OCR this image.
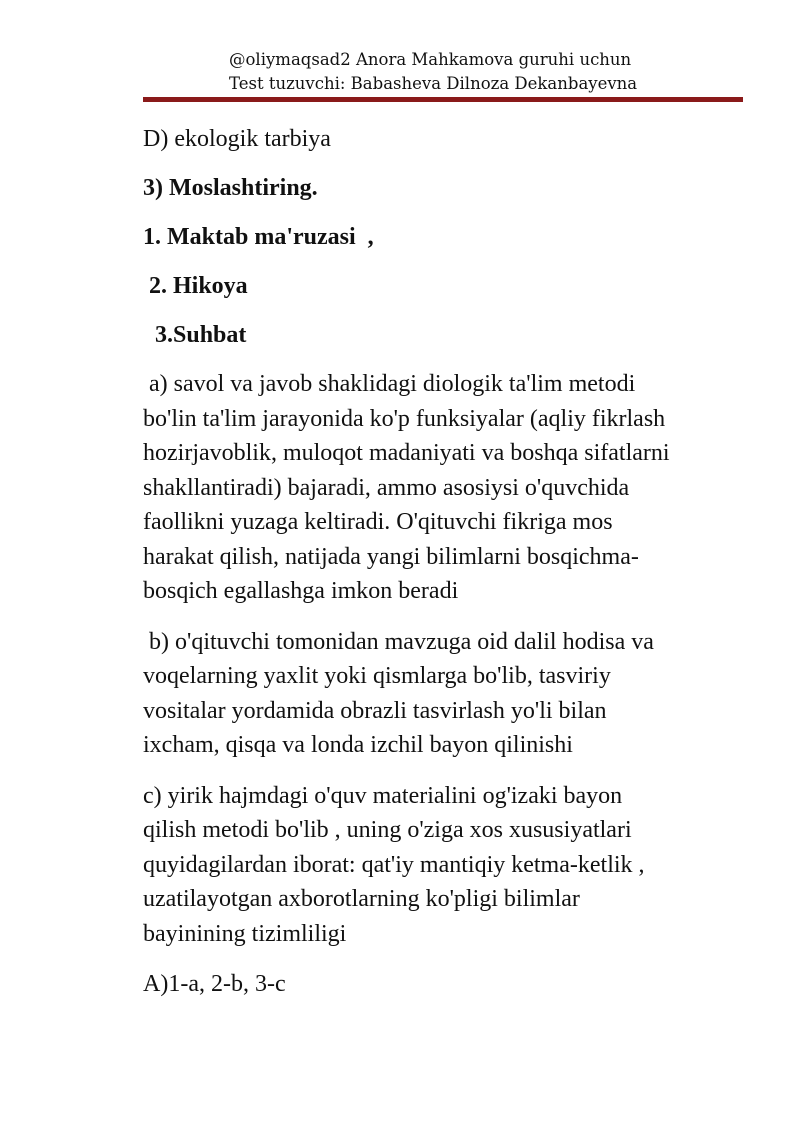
@oliymaqsad2 Anora Mahkamova guruhi uchun
Test tuzuvchi: Babasheva Dilnoza Dekanbayevna
D) ekologik tarbiya
3) Moslashtiring.
1. Maktab ma'ruzasi  ,
2. Hikoya
3.Suhbat
a) savol va javob shaklidagi diologik ta'lim metodi
bo'lin ta'lim jarayonida ko'p funksiyalar (aqliy fikrlash
hozirjavoblik, muloqot madaniyati va boshqa sifatlarni
shakllantiradi) bajaradi, ammo asosiysi o'quvchida
faollikni yuzaga keltiradi. O'qituvchi fikriga mos
harakat qilish, natijada yangi bilimlarni bosqichma-
bosqich egallashga imkon beradi
b) o'qituvchi tomonidan mavzuga oid dalil hodisa va
voqelarning yaxlit yoki qismlarga bo'lib, tasviriy
vositalar yordamida obrazli tasvirlash yo'li bilan
ixcham, qisqa va londa izchil bayon qilinishi
c) yirik hajmdagi o'quv materialini og'izaki bayon
qilish metodi bo'lib , uning o'ziga xos xususiyatlari
quyidagilardan iborat: qat'iy mantiqiy ketma-ketlik ,
uzatilayotgan axborotlarning ko'pligi bilimlar
bayinining tizimliligi
A)1-a, 2-b, 3-c
